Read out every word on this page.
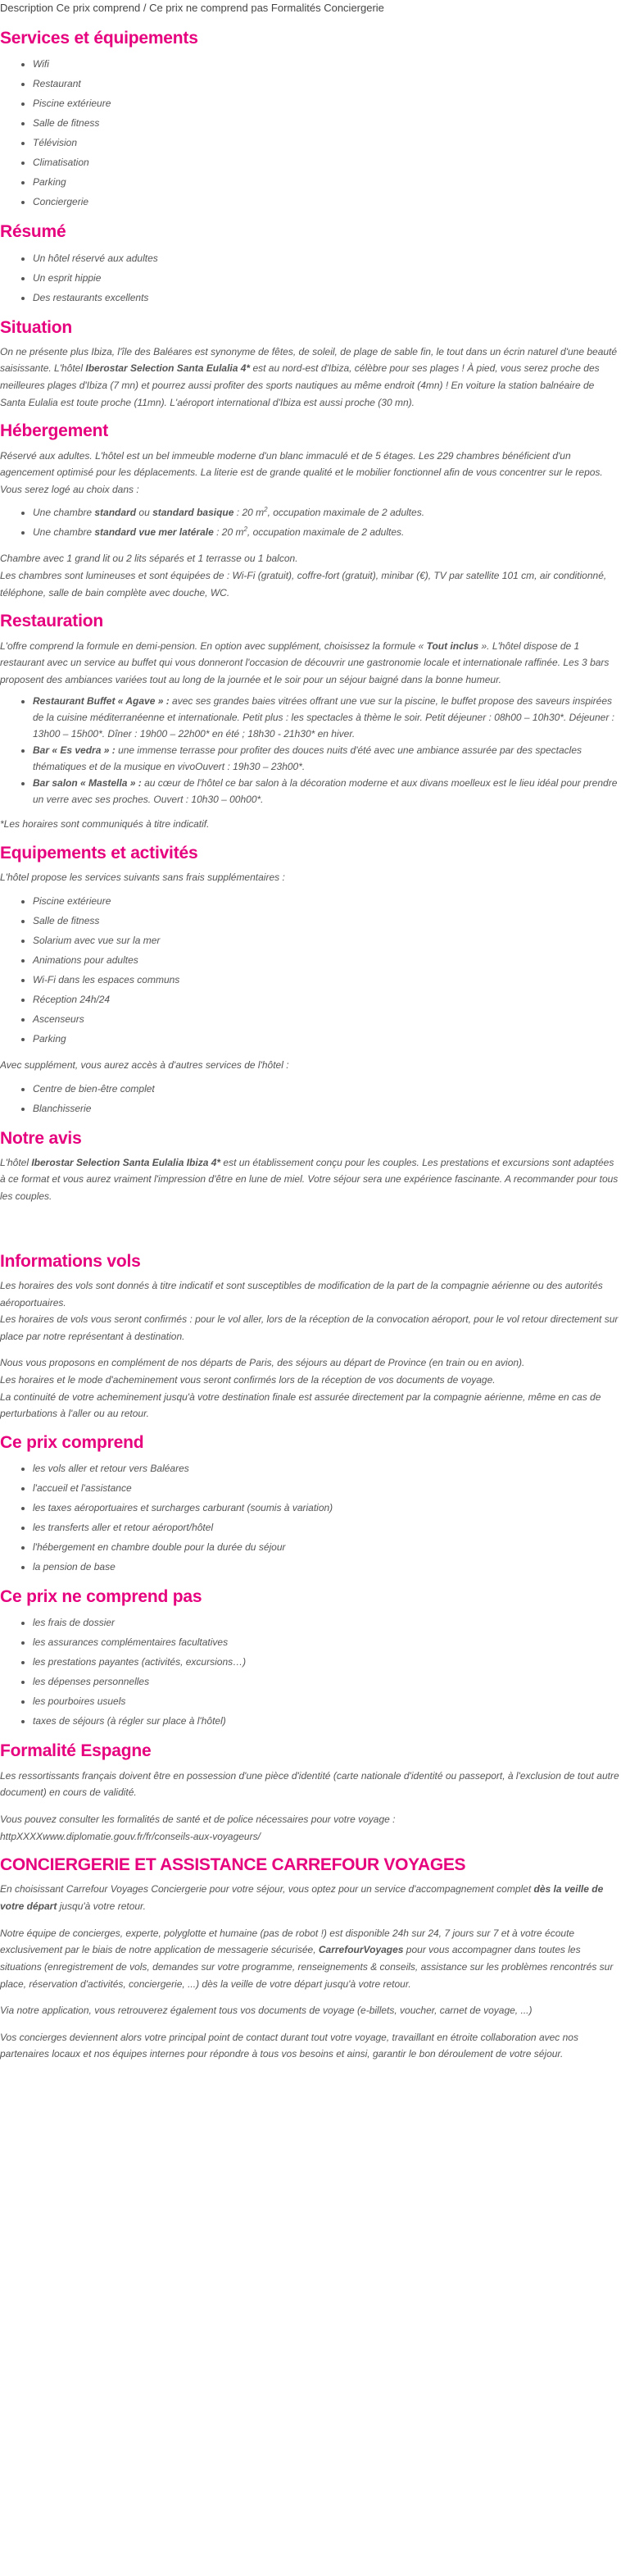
Description Ce prix comprend / Ce prix ne comprend pas Formalités Conciergerie
Services et équipements
• Wifi
• Restaurant
• Piscine extérieure
• Salle de fitness
• Télévision
• Climatisation
• Parking
• Conciergerie
Résumé
• Un hôtel réservé aux adultes
• Un esprit hippie
• Des restaurants excellents
Situation

On ne présente plus Ibiza, l'île des Baléares est synonyme de fêtes, de soleil, de plage de sable fin, le tout dans un écrin naturel d'une beauté saisissante. L'hôtel Iberostar Selection Santa Eulalia 4* est au nord-est d'Ibiza, célèbre pour ses plages ! À pied, vous serez proche des meilleures plages d'Ibiza (7 mn) et pourrez aussi profiter des sports nautiques au même endroit (4mn) ! En voiture la station balnéaire de Santa Eulalia est toute proche (11mn). L'aéroport international d'Ibiza est aussi proche (30 mn).

Hébergement

Réservé aux adultes. L'hôtel est un bel immeuble moderne d'un blanc immaculé et de 5 étages. Les 229 chambres bénéficient d'un agencement optimisé pour les déplacements. La literie est de grande qualité et le mobilier fonctionnel afin de vous concentrer sur le repos. Vous serez logé au choix dans :

• Une chambre standard ou standard basique : 20 $m^2$, occupation maximale de 2 adultes.
• Une chambre standard vue mer latérale : 20 $m^2$, occupation maximale de 2 adultes.

Chambre avec 1 grand lit ou 2 lits séparés et 1 terrasse ou 1 balcon.
Les chambres sont lumineuses et sont équipées de : Wi-Fi (gratuit), coffre-fort (gratuit), minibar (€), TV par satellite 101 cm, air conditionné, téléphone, salle de bain complète avec douche, WC.

Restauration

L'offre comprend la formule en demi-pension. En option avec supplément, choisissez la formule « Tout inclus ». L'hôtel dispose de 1 restaurant avec un service au buffet qui vous donneront l'occasion de découvrir une gastronomie locale et internationale raffinée. Les 3 bars proposent des ambiances variées tout au long de la journée et le soir pour un séjour baigné dans la bonne humeur.

• Restaurant Buffet « Agave » : avec ses grandes baies vitrées offrant une vue sur la piscine, le buffet propose des saveurs inspirées de la cuisine méditerranéenne et internationale. Petit plus : les spectacles à thème le soir. Petit déjeuner : 08h00 – 10h30*. Déjeuner : 13h00 – 15h00*. Dîner : 19h00 – 22h00* en été ; 18h30 - 21h30* en hiver.
• Bar « Es vedra » : une immense terrasse pour profiter des douces nuits d'été avec une ambiance assurée par des spectacles thématiques et de la musique en vivoOuvert : 19h30 – 23h00*.
• Bar salon « Mastella » : au cœur de l'hôtel ce bar salon à la décoration moderne et aux divans moelleux est le lieu idéal pour prendre un verre avec ses proches. Ouvert : 10h30 – 00h00*.

*Les horaires sont communiqués à titre indicatif.

Equipements et activités

L'hôtel propose les services suivants sans frais supplémentaires :

• Piscine extérieure
• Salle de fitness
• Solarium avec vue sur la mer
• Animations pour adultes
• Wi-Fi dans les espaces communs
• Réception 24h/24
• Ascenseurs
• Parking

Avec supplément, vous aurez accès à d'autres services de l'hôtel :

• Centre de bien-être complet
• Blanchisserie
Notre avis

L'hôtel Iberostar Selection Santa Eulalia Ibiza 4* est un établissement conçu pour les couples. Les prestations et excursions sont adaptées à ce format et vous aurez vraiment l'impression d'être en lune de miel. Votre séjour sera une expérience fascinante. A recommander pour tous les couples.

Informations vols

Les horaires des vols sont donnés à titre indicatif et sont susceptibles de modification de la part de la compagnie aérienne ou des autorités aéroportuaires.
Les horaires de vols vous seront confirmés : pour le vol aller, lors de la réception de la convocation aéroport, pour le vol retour directement sur place par notre représentant à destination.

Nous vous proposons en complément de nos départs de Paris, des séjours au départ de Province (en train ou en avion).
Les horaires et le mode d'acheminement vous seront confirmés lors de la réception de vos documents de voyage.
La continuité de votre acheminement jusqu'à votre destination finale est assurée directement par la compagnie aérienne, même en cas de perturbations à l'aller ou au retour.

Ce prix comprend
• les vols aller et retour vers Baléares
• l'accueil et l'assistance
• les taxes aéroportuaires et surcharges carburant (soumis à variation)
• les transferts aller et retour aéroport/hôtel
• l'hébergement en chambre double pour la durée du séjour
• la pension de base
Ce prix ne comprend pas
• les frais de dossier
• les assurances complémentaires facultatives
• les prestations payantes (activités, excursions…)
• les dépenses personnelles
• les pourboires usuels
• taxes de séjours (à régler sur place à l'hôtel)
Formalité Espagne

Les ressortissants français doivent être en possession d'une pièce d'identité (carte nationale d'identité ou passeport, à l'exclusion de tout autre document) en cours de validité.

Vous pouvez consulter les formalités de santé et de police nécessaires pour votre voyage :
httpXXXXwww.diplomatie.gouv.fr/fr/conseils-aux-voyageurs/

CONCIERGERIE ET ASSISTANCE CARREFOUR VOYAGES

En choisissant Carrefour Voyages Conciergerie pour votre séjour, vous optez pour un service d'accompagnement complet dès la veille de votre départ jusqu'à votre retour.

Notre équipe de concierges, experte, polyglotte et humaine (pas de robot !) est disponible 24h sur 24, 7 jours sur 7 et à votre écoute exclusivement par le biais de notre application de messagerie sécurisée, CarrefourVoyages pour vous accompagner dans toutes les situations (enregistrement de vols, demandes sur votre programme, renseignements & conseils, assistance sur les problèmes rencontrés sur place, réservation d'activités, conciergerie, ...) dès la veille de votre départ jusqu'à votre retour.

Via notre application, vous retrouverez également tous vos documents de voyage (e-billets, voucher, carnet de voyage, ...)

Vos concierges deviennent alors votre principal point de contact durant tout votre voyage, travaillant en étroite collaboration avec nos partenaires locaux et nos équipes internes pour répondre à tous vos besoins et ainsi, garantir le bon déroulement de votre séjour.
